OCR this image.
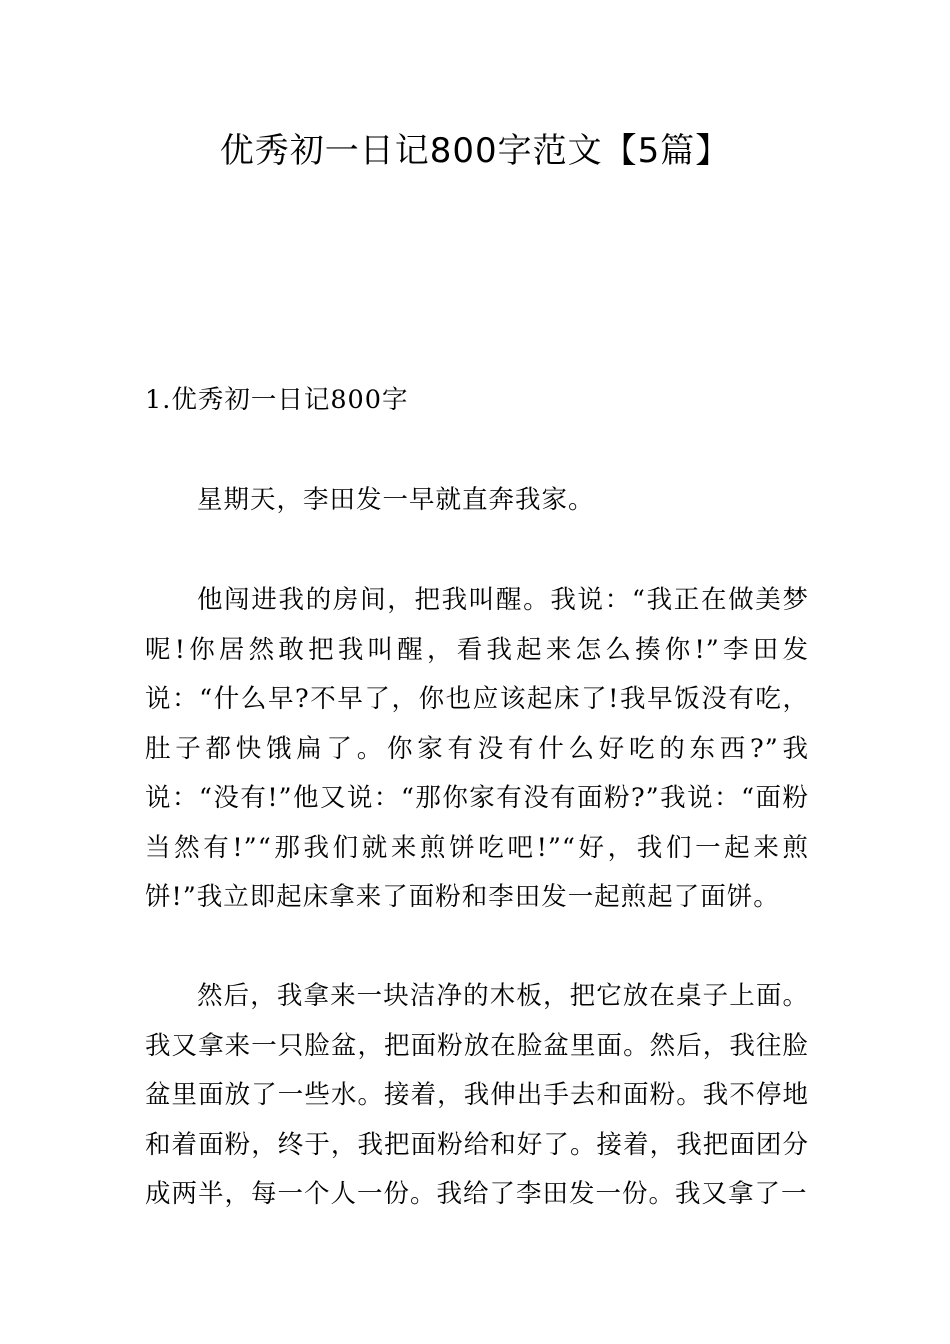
优秀初一日记800字范文【5篇】

1.优秀初一日记800字

星期天，李田发一早就直奔我家。

他闯进我的房间，把我叫醒。我说：“我正在做美梦呢!你居然敢把我叫醒，看我起来怎么揍你!”李田发说：“什么早?不早了，你也应该起床了!我早饭没有吃，肚子都快饿扁了。你家有没有什么好吃的东西?”我说：“没有!”他又说：“那你家有没有面粉?”我说：“面粉当然有!”“那我们就来煎饼吃吧!”“好，我们一起来煎饼!”我立即起床拿来了面粉和李田发一起煎起了面饼。

然后，我拿来一块洁净的木板，把它放在桌子上面。我又拿来一只脸盆，把面粉放在脸盆里面。然后，我往脸盆里面放了一些水。接着，我伸出手去和面粉。我不停地和着面粉，终于，我把面粉给和好了。接着，我把面团分成两半，每一个人一份。我给了李田发一份。我又拿了一
